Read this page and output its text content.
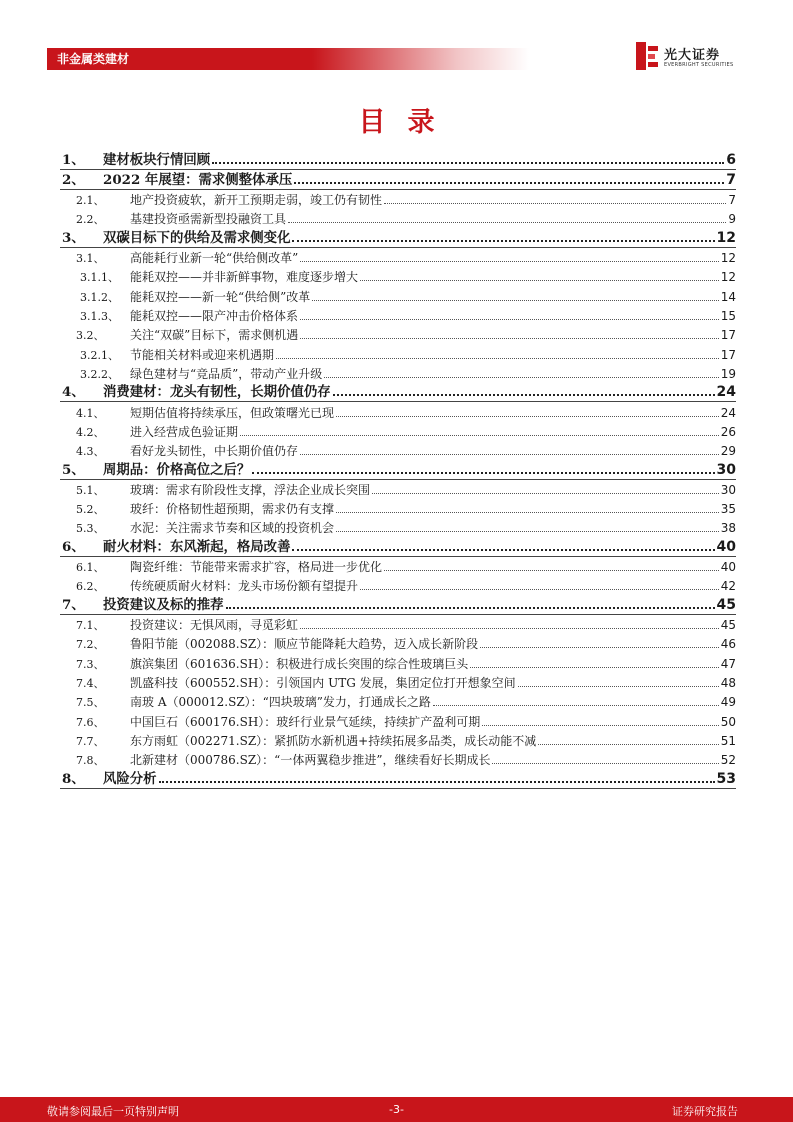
非金属类建材	光大证券
EVERBRIGHT SECURITIES
目录
1、	建材板块行情回顾	6
2、	2022 年展望：需求侧整体承压	7
2.1、	地产投资疲软，新开工预期走弱，竣工仍有韧性	7
2.2、	基建投资亟需新型投融资工具	9
3、	双碳目标下的供给及需求侧变化	12
3.1、	高能耗行业新一轮“供给侧改革”	12
3.1.1、 能耗双控——并非新鲜事物，难度逐步增大	12
3.1.2、 能耗双控——新一轮“供给侧”改革	14
3.1.3、 能耗双控——限产冲击价格体系	15
3.2、	关注“双碳”目标下，需求侧机遇	17
3.2.1、 节能相关材料或迎来机遇期	17
3.2.2、 绿色建材与“竞品质”，带动产业升级	19
4、	消费建材：龙头有韧性，长期价值仍存	24
4.1、	短期估值将持续承压，但政策曙光已现	24
4.2、	进入经营成色验证期	26
4.3、	看好龙头韧性，中长期价值仍存	29
5、	周期品：价格高位之后？	30
5.1、	玻璃：需求有阶段性支撑，浮法企业成长突围	30
5.2、	玻纤：价格韧性超预期，需求仍有支撑	35
5.3、	水泥：关注需求节奏和区域的投资机会	38
6、	耐火材料：东风渐起，格局改善	40
6.1、	陶瓷纤维：节能带来需求扩容，格局进一步优化	40
6.2、	传统硬质耐火材料：龙头市场份额有望提升	42
7、	投资建议及标的推荐	45
7.1、	投资建议：无惧风雨，寻觅彩虹	45
7.2、	鲁阳节能（002088.SZ）：顺应节能降耗大趋势，迈入成长新阶段	46
7.3、	旗滨集团（601636.SH）：积极进行成长突围的综合性玻璃巨头	47
7.4、	凯盛科技（600552.SH）：引领国内 UTG 发展，集团定位打开想象空间	48
7.5、	南玻 A（000012.SZ）：“四块玻璃”发力，打通成长之路	49
7.6、	中国巨石（600176.SH）：玻纤行业景气延续，持续扩产盈利可期	50
7.7、	东方雨虹（002271.SZ）：紧抓防水新机遇+持续拓展多品类，成长动能不减	51
7.8、	北新建材（000786.SZ）：“一体两翼稳步推进”，继续看好长期成长	52
8、	风险分析	53
敬请参阅最后一页特别声明	-3-	证券研究报告
